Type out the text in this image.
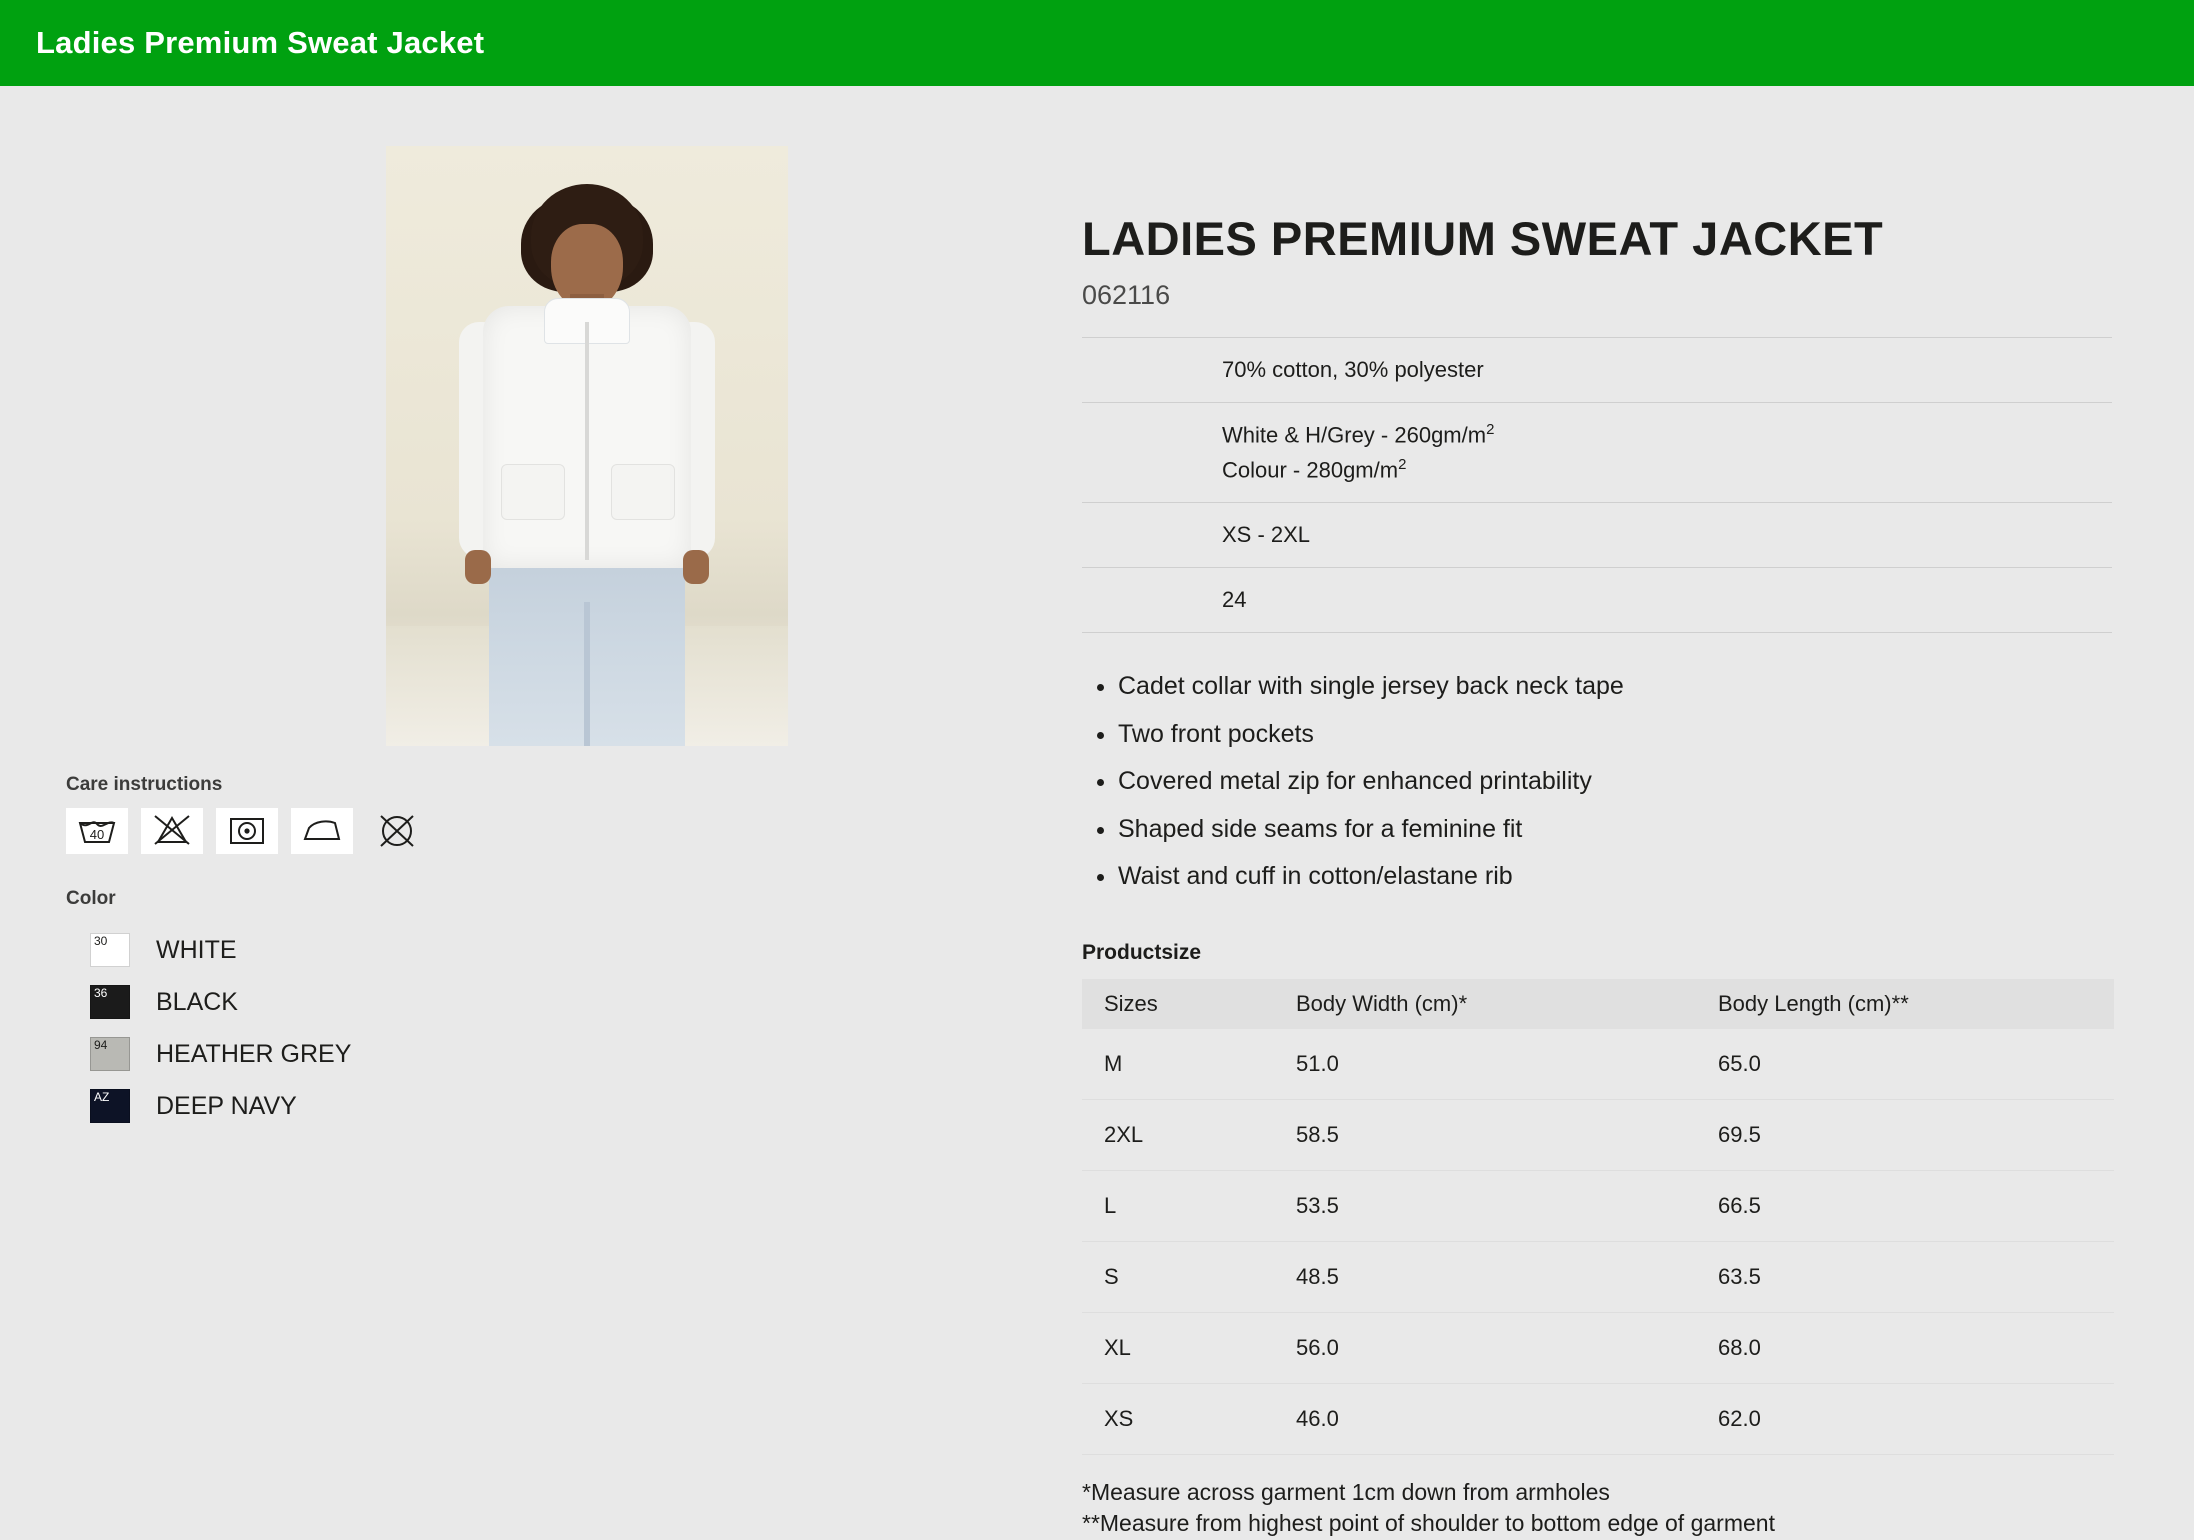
Ladies Premium Sweat Jacket
Care instructions
40
Color
30 WHITE
36 BLACK
94 HEATHER GREY
AZ DEEP NAVY
LADIES PREMIUM SWEAT JACKET
062116
	70% cotton, 30% polyester

	White & H/Grey - $260gm/m^2$
Colour - $280gm/m^2$

	XS - 2XL
	24
• Cadet collar with single jersey back neck tape
• Two front pockets
• Covered metal zip for enhanced printability
• Shaped side seams for a feminine fit
• Waist and cuff in cotton/elastane rib
Productsize
Sizes	Body Width (cm)*	Body Length (cm)**
M	51.0	65.0
2XL	58.5	69.5
L	53.5	66.5
S	48.5	63.5
XL	56.0	68.0
XS	46.0	62.0
*Measure across garment 1cm down from armholes
**Measure from highest point of shoulder to bottom edge of garment
